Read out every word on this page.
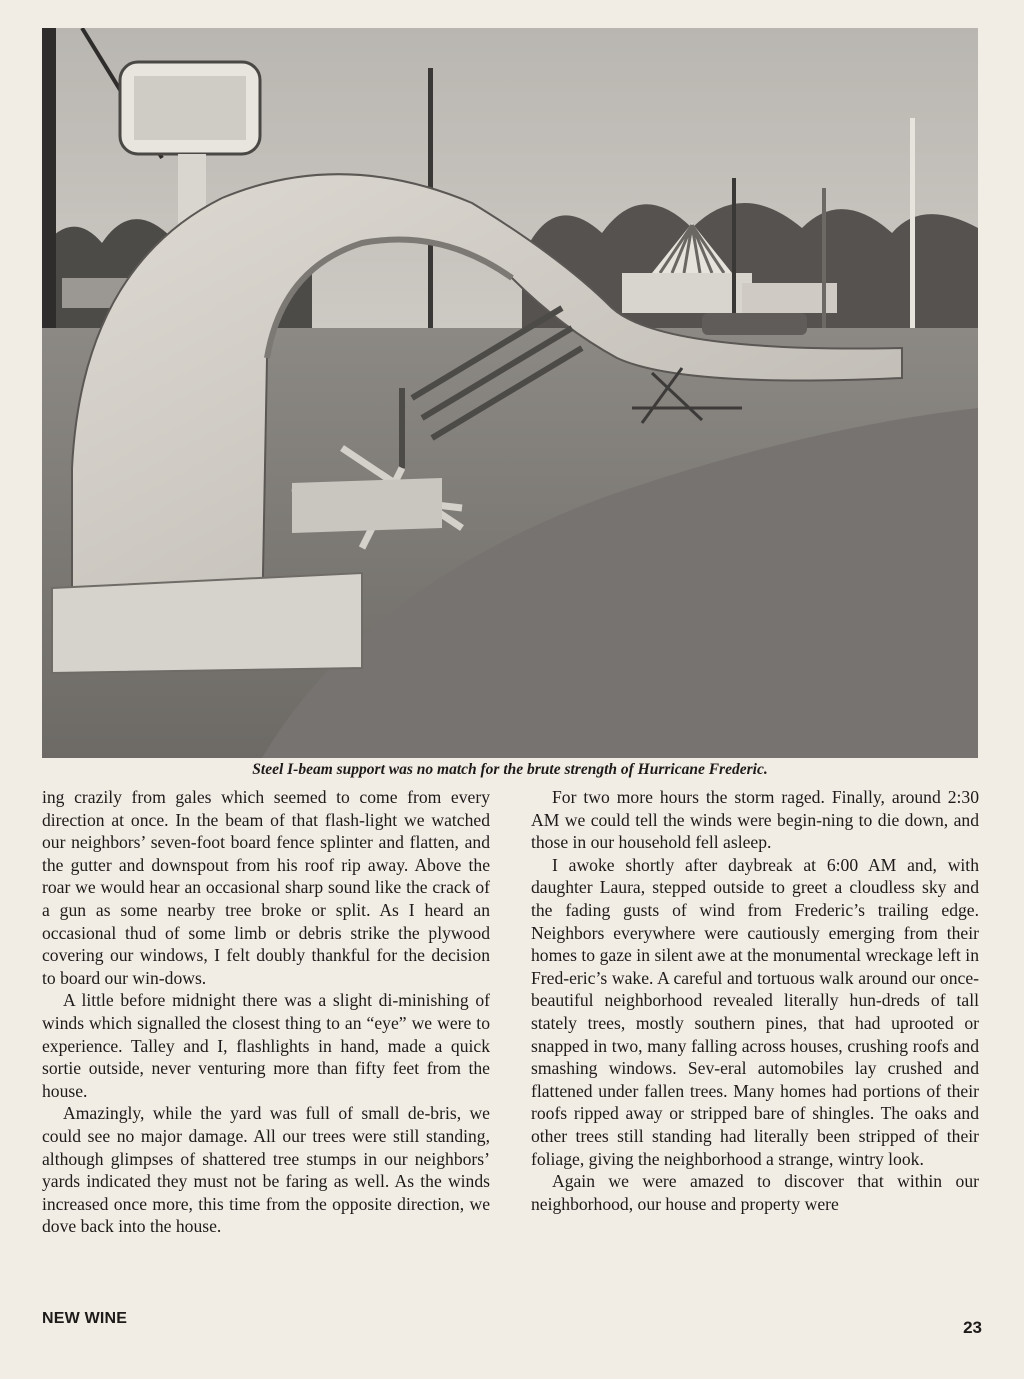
Steel I-beam support was no match for the brute strength of Hurricane Frederic.

ing crazily from gales which seemed to come from every direction at once. In the beam of that flash-light we watched our neighbors’ seven-foot board fence splinter and flatten, and the gutter and downspout from his roof rip away. Above the roar we would hear an occasional sharp sound like the crack of a gun as some nearby tree broke or split. As I heard an occasional thud of some limb or debris strike the plywood covering our windows, I felt doubly thankful for the decision to board our win-dows.

A little before midnight there was a slight di-minishing of winds which signalled the closest thing to an “eye” we were to experience. Talley and I, flashlights in hand, made a quick sortie outside, never venturing more than fifty feet from the house.

Amazingly, while the yard was full of small de-bris, we could see no major damage. All our trees were still standing, although glimpses of shattered tree stumps in our neighbors’ yards indicated they must not be faring as well. As the winds increased once more, this time from the opposite direction, we dove back into the house.

For two more hours the storm raged. Finally, around 2:30 AM we could tell the winds were begin-ning to die down, and those in our household fell asleep.

I awoke shortly after daybreak at 6:00 AM and, with daughter Laura, stepped outside to greet a cloudless sky and the fading gusts of wind from Frederic’s trailing edge. Neighbors everywhere were cautiously emerging from their homes to gaze in silent awe at the monumental wreckage left in Fred-eric’s wake. A careful and tortuous walk around our once-beautiful neighborhood revealed literally hun-dreds of tall stately trees, mostly southern pines, that had uprooted or snapped in two, many falling across houses, crushing roofs and smashing windows. Sev-eral automobiles lay crushed and flattened under fallen trees. Many homes had portions of their roofs ripped away or stripped bare of shingles. The oaks and other trees still standing had literally been stripped of their foliage, giving the neighborhood a strange, wintry look.

Again we were amazed to discover that within our neighborhood, our house and property were

NEW WINE	23
